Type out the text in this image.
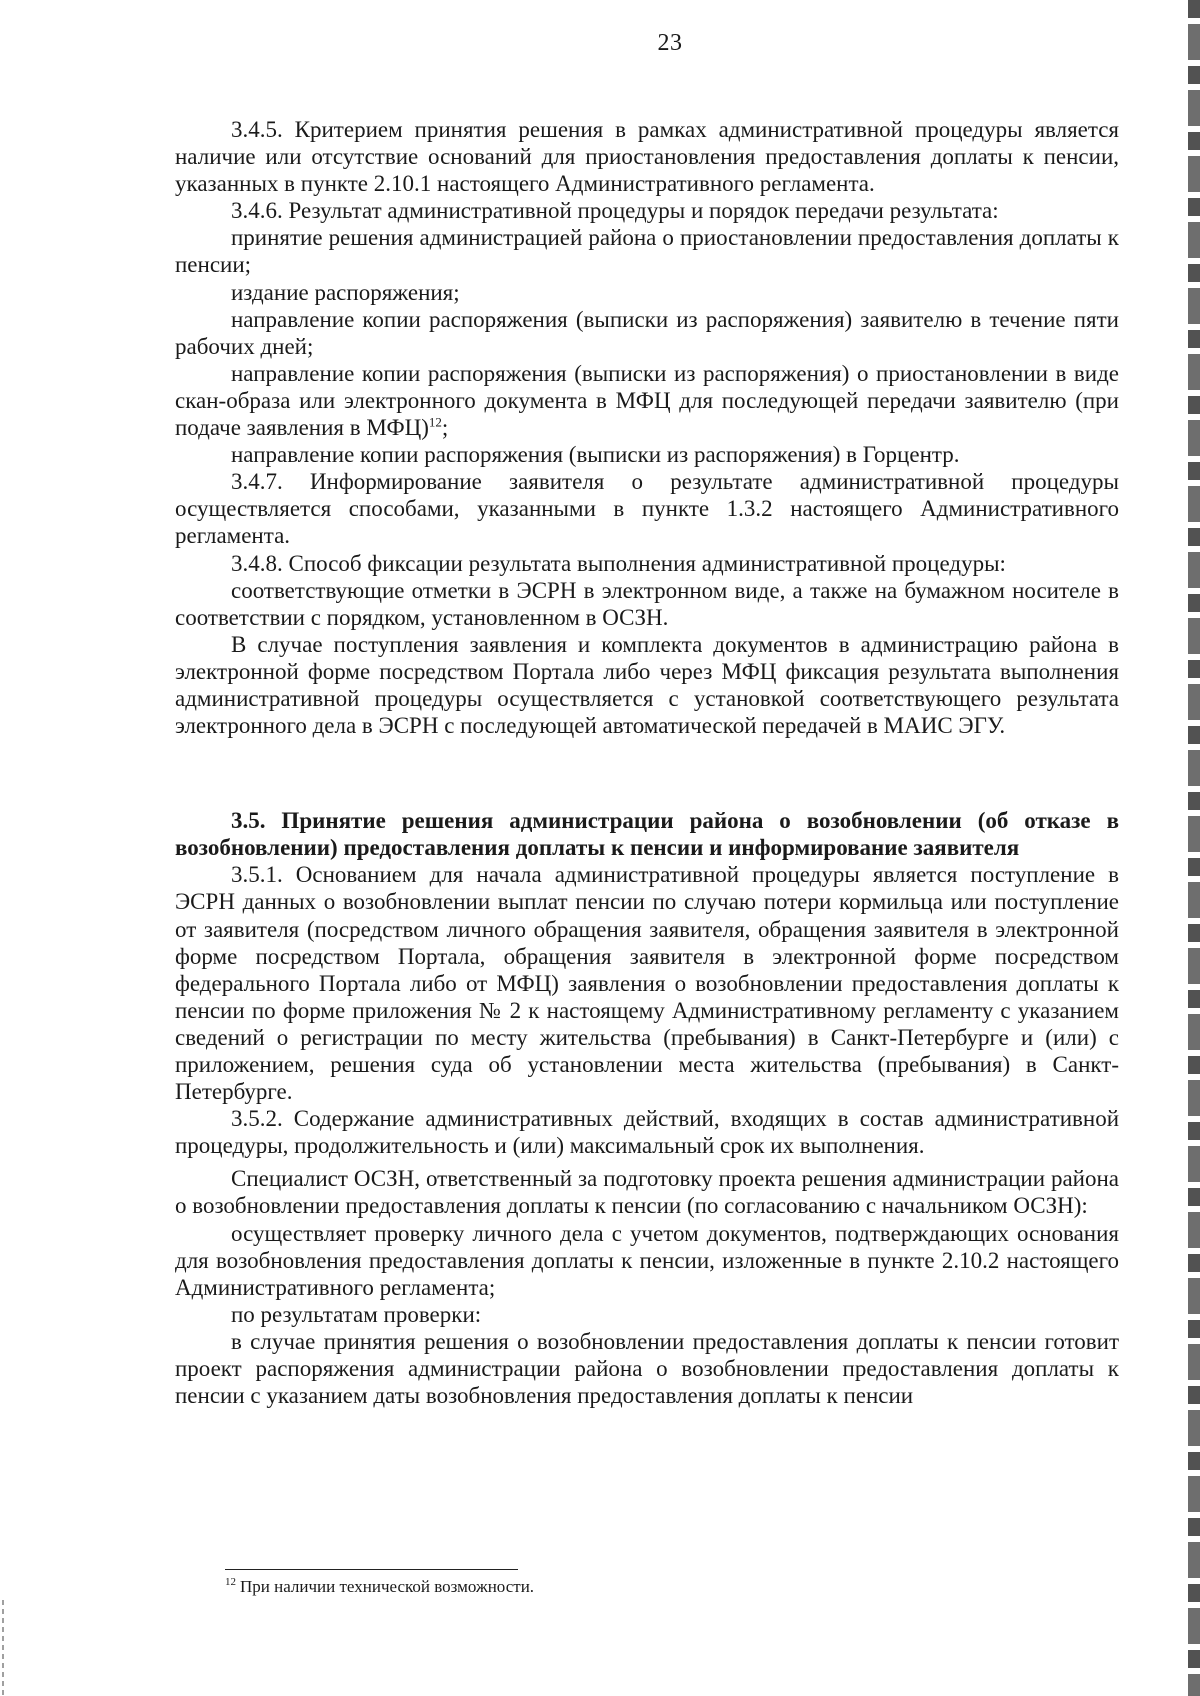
23

3.4.5. Критерием принятия решения в рамках административной процедуры является наличие или отсутствие оснований для приостановления предоставления доплаты к пенсии, указанных в пункте 2.10.1 настоящего Административного регламента.

3.4.6. Результат административной процедуры и порядок передачи результата:

принятие решения администрацией района о приостановлении предоставления доплаты к пенсии;

издание распоряжения;

направление копии распоряжения (выписки из распоряжения) заявителю в течение пяти рабочих дней;

направление копии распоряжения (выписки из распоряжения) о приостановлении в виде скан-образа или электронного документа в МФЦ для последующей передачи заявителю (при подаче заявления в МФЦ)$^{12}$;

направление копии распоряжения (выписки из распоряжения) в Горцентр.

3.4.7. Информирование заявителя о результате административной процедуры осуществляется способами, указанными в пункте 1.3.2 настоящего Административного регламента.

3.4.8. Способ фиксации результата выполнения административной процедуры:

соответствующие отметки в ЭСРН в электронном виде, а также на бумажном носителе в соответствии с порядком, установленном в ОСЗН.

В случае поступления заявления и комплекта документов в администрацию района в электронной форме посредством Портала либо через МФЦ фиксация результата выполнения административной процедуры осуществляется с установкой соответствующего результата электронного дела в ЭСРН с последующей автоматической передачей в МАИС ЭГУ.

3.5. Принятие решения администрации района о возобновлении (об отказе в возобновлении) предоставления доплаты к пенсии и информирование заявителя

3.5.1. Основанием для начала административной процедуры является поступление в ЭСРН данных о возобновлении выплат пенсии по случаю потери кормильца или поступление от заявителя (посредством личного обращения заявителя, обращения заявителя в электронной форме посредством Портала, обращения заявителя в электронной форме посредством федерального Портала либо от МФЦ) заявления о возобновлении предоставления доплаты к пенсии по форме приложения № 2 к настоящему Административному регламенту с указанием сведений о регистрации по месту жительства (пребывания) в Санкт-Петербурге и (или) с приложением, решения суда об установлении места жительства (пребывания) в Санкт-Петербурге.

3.5.2. Содержание административных действий, входящих в состав административной процедуры, продолжительность и (или) максимальный срок их выполнения.

Специалист ОСЗН, ответственный за подготовку проекта решения администрации района о возобновлении предоставления доплаты к пенсии (по согласованию с начальником ОСЗН):

осуществляет проверку личного дела с учетом документов, подтверждающих основания для возобновления предоставления доплаты к пенсии, изложенные в пункте 2.10.2 настоящего Административного регламента;

по результатам проверки:

в случае принятия решения о возобновлении предоставления доплаты к пенсии готовит проект распоряжения администрации района о возобновлении предоставления доплаты к пенсии с указанием даты возобновления предоставления доплаты к пенсии

$^{12}$ При наличии технической возможности.
